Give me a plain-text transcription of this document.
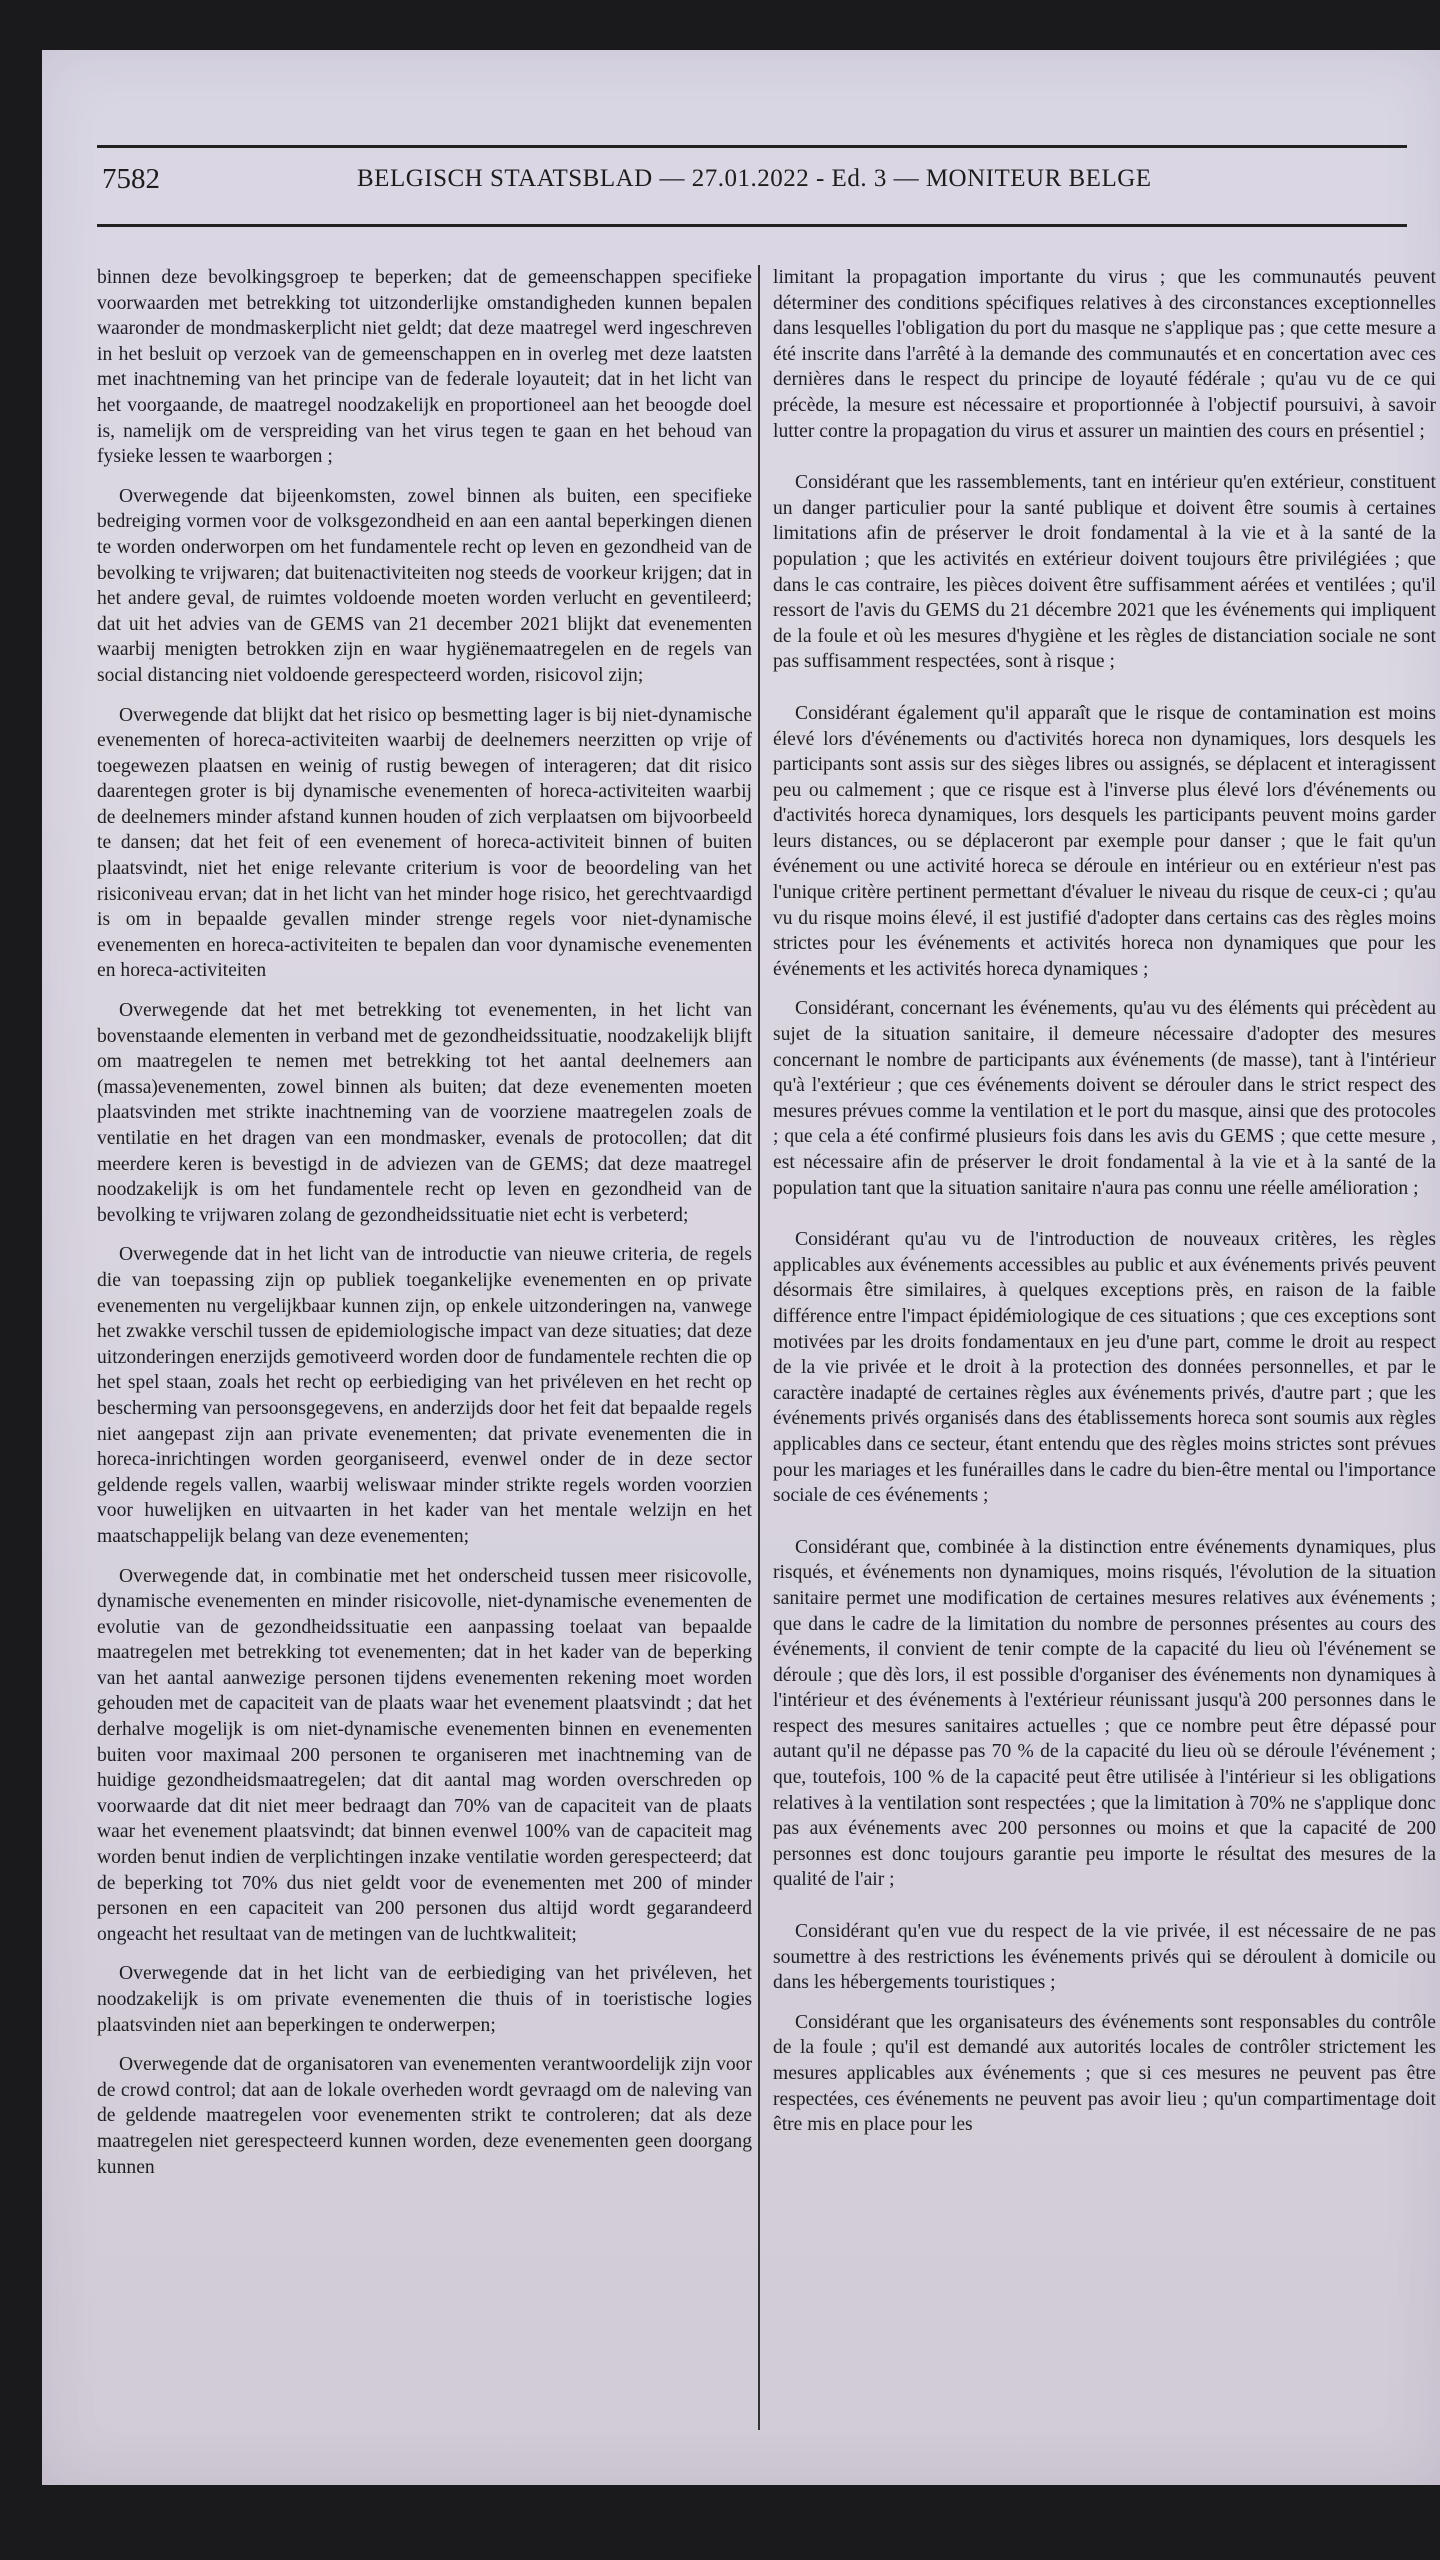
7582	BELGISCH STAATSBLAD — 27.01.2022 - Ed. 3 — MONITEUR BELGE

binnen deze bevolkingsgroep te beperken; dat de gemeenschappen specifieke voorwaarden met betrekking tot uitzonderlijke omstandigheden kunnen bepalen waaronder de mondmaskerplicht niet geldt; dat deze maatregel werd ingeschreven in het besluit op verzoek van de gemeenschappen en in overleg met deze laatsten met inachtneming van het principe van de federale loyauteit; dat in het licht van het voorgaande, de maatregel noodzakelijk en proportioneel aan het beoogde doel is, namelijk om de verspreiding van het virus tegen te gaan en het behoud van fysieke lessen te waarborgen ;

Overwegende dat bijeenkomsten, zowel binnen als buiten, een specifieke bedreiging vormen voor de volksgezondheid en aan een aantal beperkingen dienen te worden onderworpen om het fundamentele recht op leven en gezondheid van de bevolking te vrijwaren; dat buitenactiviteiten nog steeds de voorkeur krijgen; dat in het andere geval, de ruimtes voldoende moeten worden verlucht en geventileerd; dat uit het advies van de GEMS van 21 december 2021 blijkt dat evenementen waarbij menigten betrokken zijn en waar hygiënemaatregelen en de regels van social distancing niet voldoende gerespecteerd worden, risicovol zijn;

Overwegende dat blijkt dat het risico op besmetting lager is bij niet-dynamische evenementen of horeca-activiteiten waarbij de deelnemers neerzitten op vrije of toegewezen plaatsen en weinig of rustig bewegen of interageren; dat dit risico daarentegen groter is bij dynamische evenementen of horeca-activiteiten waarbij de deelnemers minder afstand kunnen houden of zich verplaatsen om bijvoorbeeld te dansen; dat het feit of een evenement of horeca-activiteit binnen of buiten plaatsvindt, niet het enige relevante criterium is voor de beoordeling van het risiconiveau ervan; dat in het licht van het minder hoge risico, het gerechtvaardigd is om in bepaalde gevallen minder strenge regels voor niet-dynamische evenementen en horeca-activiteiten te bepalen dan voor dynamische evenementen en horeca-activiteiten

Overwegende dat het met betrekking tot evenementen, in het licht van bovenstaande elementen in verband met de gezondheidssituatie, noodzakelijk blijft om maatregelen te nemen met betrekking tot het aantal deelnemers aan (massa)evenementen, zowel binnen als buiten; dat deze evenementen moeten plaatsvinden met strikte inachtneming van de voorziene maatregelen zoals de ventilatie en het dragen van een mondmasker, evenals de protocollen; dat dit meerdere keren is bevestigd in de adviezen van de GEMS; dat deze maatregel noodzakelijk is om het fundamentele recht op leven en gezondheid van de bevolking te vrijwaren zolang de gezondheidssituatie niet echt is verbeterd;

Overwegende dat in het licht van de introductie van nieuwe criteria, de regels die van toepassing zijn op publiek toegankelijke evenementen en op private evenementen nu vergelijkbaar kunnen zijn, op enkele uitzonderingen na, vanwege het zwakke verschil tussen de epidemiologische impact van deze situaties; dat deze uitzonderingen enerzijds gemotiveerd worden door de fundamentele rechten die op het spel staan, zoals het recht op eerbiediging van het privéleven en het recht op bescherming van persoonsgegevens, en anderzijds door het feit dat bepaalde regels niet aangepast zijn aan private evenementen; dat private evenementen die in horeca-inrichtingen worden georganiseerd, evenwel onder de in deze sector geldende regels vallen, waarbij weliswaar minder strikte regels worden voorzien voor huwelijken en uitvaarten in het kader van het mentale welzijn en het maatschappelijk belang van deze evenementen;

Overwegende dat, in combinatie met het onderscheid tussen meer risicovolle, dynamische evenementen en minder risicovolle, niet-dynamische evenementen de evolutie van de gezondheidssituatie een aanpassing toelaat van bepaalde maatregelen met betrekking tot evenementen; dat in het kader van de beperking van het aantal aanwezige personen tijdens evenementen rekening moet worden gehouden met de capaciteit van de plaats waar het evenement plaatsvindt ; dat het derhalve mogelijk is om niet-dynamische evenementen binnen en evenementen buiten voor maximaal 200 personen te organiseren met inachtneming van de huidige gezondheidsmaatregelen; dat dit aantal mag worden overschreden op voorwaarde dat dit niet meer bedraagt dan 70% van de capaciteit van de plaats waar het evenement plaatsvindt; dat binnen evenwel 100% van de capaciteit mag worden benut indien de verplichtingen inzake ventilatie worden gerespecteerd; dat de beperking tot 70% dus niet geldt voor de evenementen met 200 of minder personen en een capaciteit van 200 personen dus altijd wordt gegarandeerd ongeacht het resultaat van de metingen van de luchtkwaliteit;

Overwegende dat in het licht van de eerbiediging van het privéleven, het noodzakelijk is om private evenementen die thuis of in toeristische logies plaatsvinden niet aan beperkingen te onderwerpen;

Overwegende dat de organisatoren van evenementen verantwoordelijk zijn voor de crowd control; dat aan de lokale overheden wordt gevraagd om de naleving van de geldende maatregelen voor evenementen strikt te controleren; dat als deze maatregelen niet gerespecteerd kunnen worden, deze evenementen geen doorgang kunnen

limitant la propagation importante du virus ; que les communautés peuvent déterminer des conditions spécifiques relatives à des circonstances exceptionnelles dans lesquelles l'obligation du port du masque ne s'applique pas ; que cette mesure a été inscrite dans l'arrêté à la demande des communautés et en concertation avec ces dernières dans le respect du principe de loyauté fédérale ; qu'au vu de ce qui précède, la mesure est nécessaire et proportionnée à l'objectif poursuivi, à savoir lutter contre la propagation du virus et assurer un maintien des cours en présentiel ;

Considérant que les rassemblements, tant en intérieur qu'en extérieur, constituent un danger particulier pour la santé publique et doivent être soumis à certaines limitations afin de préserver le droit fondamental à la vie et à la santé de la population ; que les activités en extérieur doivent toujours être privilégiées ; que dans le cas contraire, les pièces doivent être suffisamment aérées et ventilées ; qu'il ressort de l'avis du GEMS du 21 décembre 2021 que les événements qui impliquent de la foule et où les mesures d'hygiène et les règles de distanciation sociale ne sont pas suffisamment respectées, sont à risque ;

Considérant également qu'il apparaît que le risque de contamination est moins élevé lors d'événements ou d'activités horeca non dynamiques, lors desquels les participants sont assis sur des sièges libres ou assignés, se déplacent et interagissent peu ou calmement ; que ce risque est à l'inverse plus élevé lors d'événements ou d'activités horeca dynamiques, lors desquels les participants peuvent moins garder leurs distances, ou se déplaceront par exemple pour danser ; que le fait qu'un événement ou une activité horeca se déroule en intérieur ou en extérieur n'est pas l'unique critère pertinent permettant d'évaluer le niveau du risque de ceux-ci ; qu'au vu du risque moins élevé, il est justifié d'adopter dans certains cas des règles moins strictes pour les événements et activités horeca non dynamiques que pour les événements et les activités horeca dynamiques ;

Considérant, concernant les événements, qu'au vu des éléments qui précèdent au sujet de la situation sanitaire, il demeure nécessaire d'adopter des mesures concernant le nombre de participants aux événements (de masse), tant à l'intérieur qu'à l'extérieur ; que ces événements doivent se dérouler dans le strict respect des mesures prévues comme la ventilation et le port du masque, ainsi que des protocoles ; que cela a été confirmé plusieurs fois dans les avis du GEMS ; que cette mesure , est nécessaire afin de préserver le droit fondamental à la vie et à la santé de la population tant que la situation sanitaire n'aura pas connu une réelle amélioration ;

Considérant qu'au vu de l'introduction de nouveaux critères, les règles applicables aux événements accessibles au public et aux événements privés peuvent désormais être similaires, à quelques exceptions près, en raison de la faible différence entre l'impact épidémiologique de ces situations ; que ces exceptions sont motivées par les droits fondamentaux en jeu d'une part, comme le droit au respect de la vie privée et le droit à la protection des données personnelles, et par le caractère inadapté de certaines règles aux événements privés, d'autre part ; que les événements privés organisés dans des établissements horeca sont soumis aux règles applicables dans ce secteur, étant entendu que des règles moins strictes sont prévues pour les mariages et les funérailles dans le cadre du bien-être mental ou l'importance sociale de ces événements ;

Considérant que, combinée à la distinction entre événements dynamiques, plus risqués, et événements non dynamiques, moins risqués, l'évolution de la situation sanitaire permet une modification de certaines mesures relatives aux événements ; que dans le cadre de la limitation du nombre de personnes présentes au cours des événements, il convient de tenir compte de la capacité du lieu où l'événement se déroule ; que dès lors, il est possible d'organiser des événements non dynamiques à l'intérieur et des événements à l'extérieur réunissant jusqu'à 200 personnes dans le respect des mesures sanitaires actuelles ; que ce nombre peut être dépassé pour autant qu'il ne dépasse pas 70 % de la capacité du lieu où se déroule l'événement ; que, toutefois, 100 % de la capacité peut être utilisée à l'intérieur si les obligations relatives à la ventilation sont respectées ; que la limitation à 70% ne s'applique donc pas aux événements avec 200 personnes ou moins et que la capacité de 200 personnes est donc toujours garantie peu importe le résultat des mesures de la qualité de l'air ;

Considérant qu'en vue du respect de la vie privée, il est nécessaire de ne pas soumettre à des restrictions les événements privés qui se déroulent à domicile ou dans les hébergements touristiques ;

Considérant que les organisateurs des événements sont responsables du contrôle de la foule ; qu'il est demandé aux autorités locales de contrôler strictement les mesures applicables aux événements ; que si ces mesures ne peuvent pas être respectées, ces événements ne peuvent pas avoir lieu ; qu'un compartimentage doit être mis en place pour les
